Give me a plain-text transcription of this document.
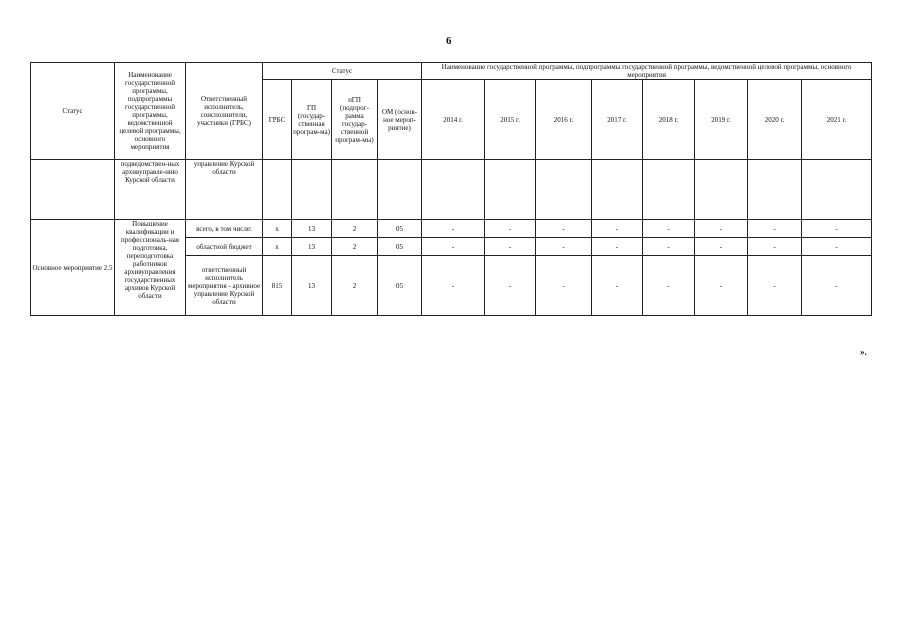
6
Статус	Наименование государственной программы, подпрограммы государственной программы, ведомственной целевой программы, основного мероприятия	Ответственный исполнитель, соисполнители, участники (ГРБС)	Статус				Наименование государственной программы, подпрограммы государственной программы, ведомственной целевой программы, основного мероприятия							
			ГРБС	ГП (государ-ственная програм-ма)	пГП (подпрог-рамма государ-ственной програм-мы)	ОМ (основ-ное мероп-риятие)	2014 г.	2015 г.	2016 г.	2017 г.	2018 г.	2019 г.	2020 г.	2021 г.
	подведомствен-ных архивуправле-нию Курской области	управление Курской области												
Основное мероприятие 2.5	Повышение квалификации и профессиональ-ная подготовка, переподготовка работников архивуправления государственных архивов Курской области	всего, в том числе:	х	13	2	05	-	-	-	-	-	-	-	-
		областной бюджет	х	13	2	05	-	-	-	-	-	-	-	-
		ответственный исполнитель мероприятия - архивное управление Курской области	815	13	2	05	-	-	-	-	-	-	-	-
».
